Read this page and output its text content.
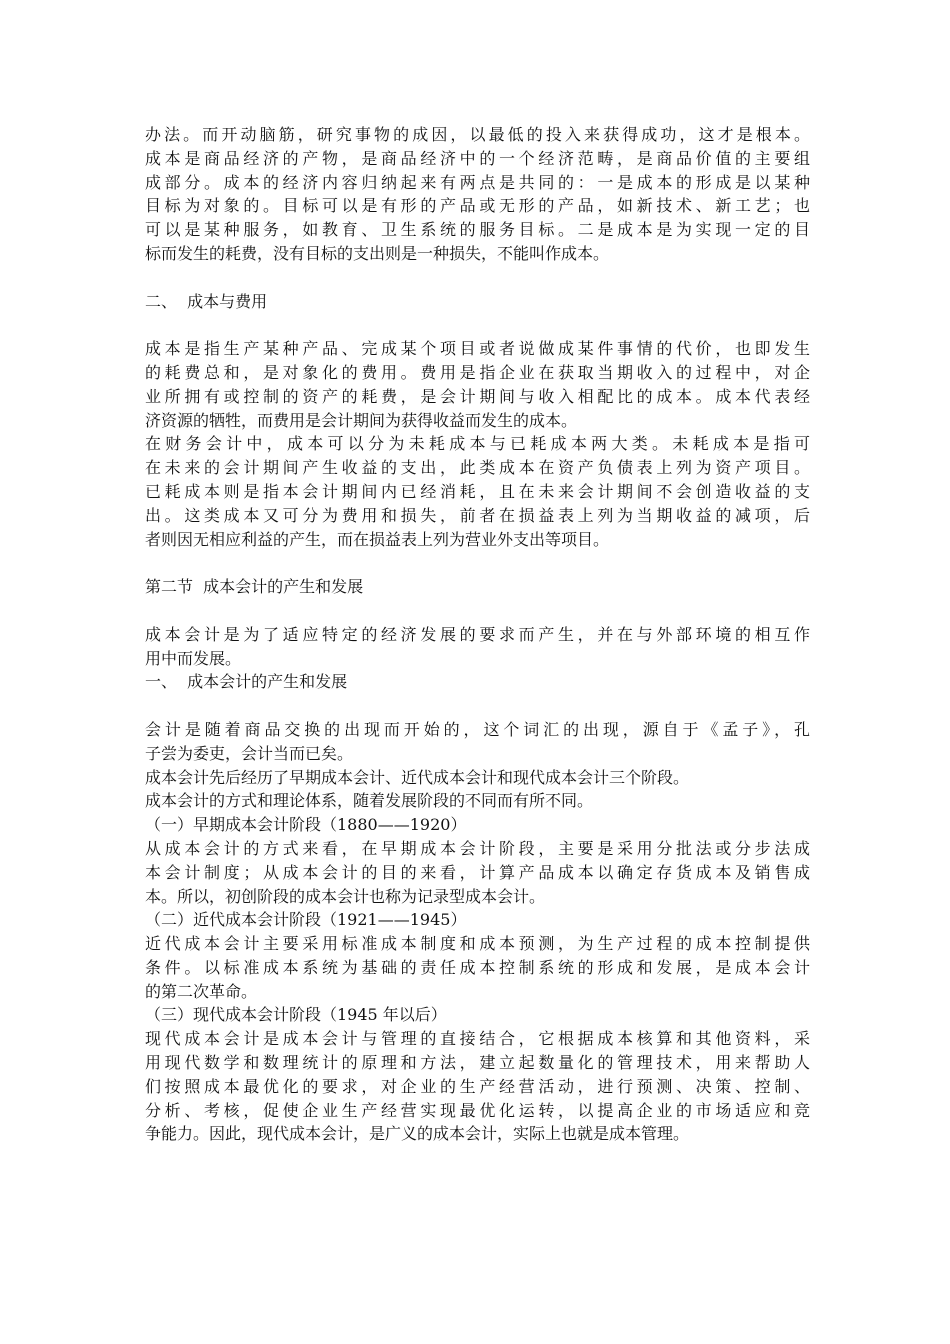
办法。而开动脑筋，研究事物的成因，以最低的投入来获得成功，这才是根本。
成本是商品经济的产物，是商品经济中的一个经济范畴，是商品价值的主要组
成部分。成本的经济内容归纳起来有两点是共同的：一是成本的形成是以某种
目标为对象的。目标可以是有形的产品或无形的产品，如新技术、新工艺；也
可以是某种服务，如教育、卫生系统的服务目标。二是成本是为实现一定的目
标而发生的耗费，没有目标的支出则是一种损失，不能叫作成本。
二、  成本与费用
成本是指生产某种产品、完成某个项目或者说做成某件事情的代价，也即发生
的耗费总和，是对象化的费用。费用是指企业在获取当期收入的过程中，对企
业所拥有或控制的资产的耗费，是会计期间与收入相配比的成本。成本代表经
济资源的牺牲，而费用是会计期间为获得收益而发生的成本。
在财务会计中，成本可以分为未耗成本与已耗成本两大类。未耗成本是指可
在未来的会计期间产生收益的支出，此类成本在资产负债表上列为资产项目。
已耗成本则是指本会计期间内已经消耗，且在未来会计期间不会创造收益的支
出。这类成本又可分为费用和损失，前者在损益表上列为当期收益的减项，后
者则因无相应利益的产生，而在损益表上列为营业外支出等项目。
第二节  成本会计的产生和发展
成本会计是为了适应特定的经济发展的要求而产生，并在与外部环境的相互作
用中而发展。
一、  成本会计的产生和发展
会计是随着商品交换的出现而开始的，这个词汇的出现，源自于《孟子》，孔
子尝为委吏，会计当而已矣。
成本会计先后经历了早期成本会计、近代成本会计和现代成本会计三个阶段。
成本会计的方式和理论体系，随着发展阶段的不同而有所不同。
（一）早期成本会计阶段（1880——1920）
从成本会计的方式来看，在早期成本会计阶段，主要是采用分批法或分步法成
本会计制度；从成本会计的目的来看，计算产品成本以确定存货成本及销售成
本。所以，初创阶段的成本会计也称为记录型成本会计。
（二）近代成本会计阶段（1921——1945）
近代成本会计主要采用标准成本制度和成本预测，为生产过程的成本控制提供
条件。以标准成本系统为基础的责任成本控制系统的形成和发展，是成本会计
的第二次革命。
（三）现代成本会计阶段（1945 年以后）
现代成本会计是成本会计与管理的直接结合，它根据成本核算和其他资料，采
用现代数学和数理统计的原理和方法，建立起数量化的管理技术，用来帮助人
们按照成本最优化的要求，对企业的生产经营活动，进行预测、决策、控制、
分析、考核，促使企业生产经营实现最优化运转，以提高企业的市场适应和竞
争能力。因此，现代成本会计，是广义的成本会计，实际上也就是成本管理。
